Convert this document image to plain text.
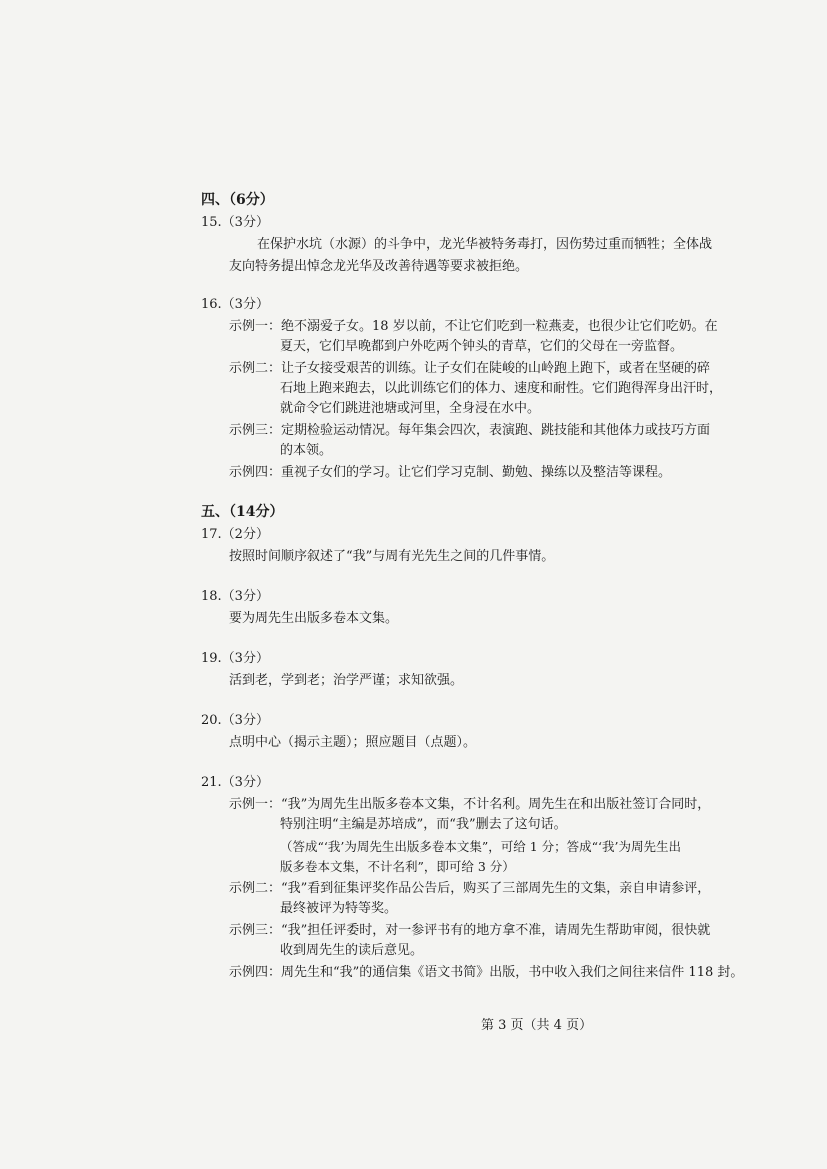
四、（6分）
15.（3分）
在保护水坑（水源）的斗争中，龙光华被特务毒打，因伤势过重而牺牲；全体战
友向特务提出悼念龙光华及改善待遇等要求被拒绝。
16.（3分）
示例一：绝不溺爱子女。18 岁以前，不让它们吃到一粒燕麦，也很少让它们吃奶。在
夏天，它们早晚都到户外吃两个钟头的青草，它们的父母在一旁监督。
示例二：让子女接受艰苦的训练。让子女们在陡峻的山岭跑上跑下，或者在坚硬的碎
石地上跑来跑去，以此训练它们的体力、速度和耐性。它们跑得浑身出汗时，
就命令它们跳进池塘或河里，全身浸在水中。
示例三：定期检验运动情况。每年集会四次，表演跑、跳技能和其他体力或技巧方面
的本领。
示例四：重视子女们的学习。让它们学习克制、勤勉、操练以及整洁等课程。
五、（14分）
17.（2分）
按照时间顺序叙述了“我”与周有光先生之间的几件事情。
18.（3分）
要为周先生出版多卷本文集。
19.（3分）
活到老，学到老；治学严谨；求知欲强。
20.（3分）
点明中心（揭示主题）；照应题目（点题）。
21.（3分）
示例一：“我”为周先生出版多卷本文集，不计名利。周先生在和出版社签订合同时，
特别注明“主编是苏培成”，而“我”删去了这句话。
（答成“‘我’为周先生出版多卷本文集”，可给 1 分；答成“‘我’为周先生出
版多卷本文集，不计名利”，即可给 3 分）
示例二：“我”看到征集评奖作品公告后，购买了三部周先生的文集，亲自申请参评，
最终被评为特等奖。
示例三：“我”担任评委时，对一参评书有的地方拿不准，请周先生帮助审阅，很快就
收到周先生的读后意见。
示例四：周先生和“我”的通信集《语文书简》出版，书中收入我们之间往来信件 118 封。
第 3 页（共 4 页）
